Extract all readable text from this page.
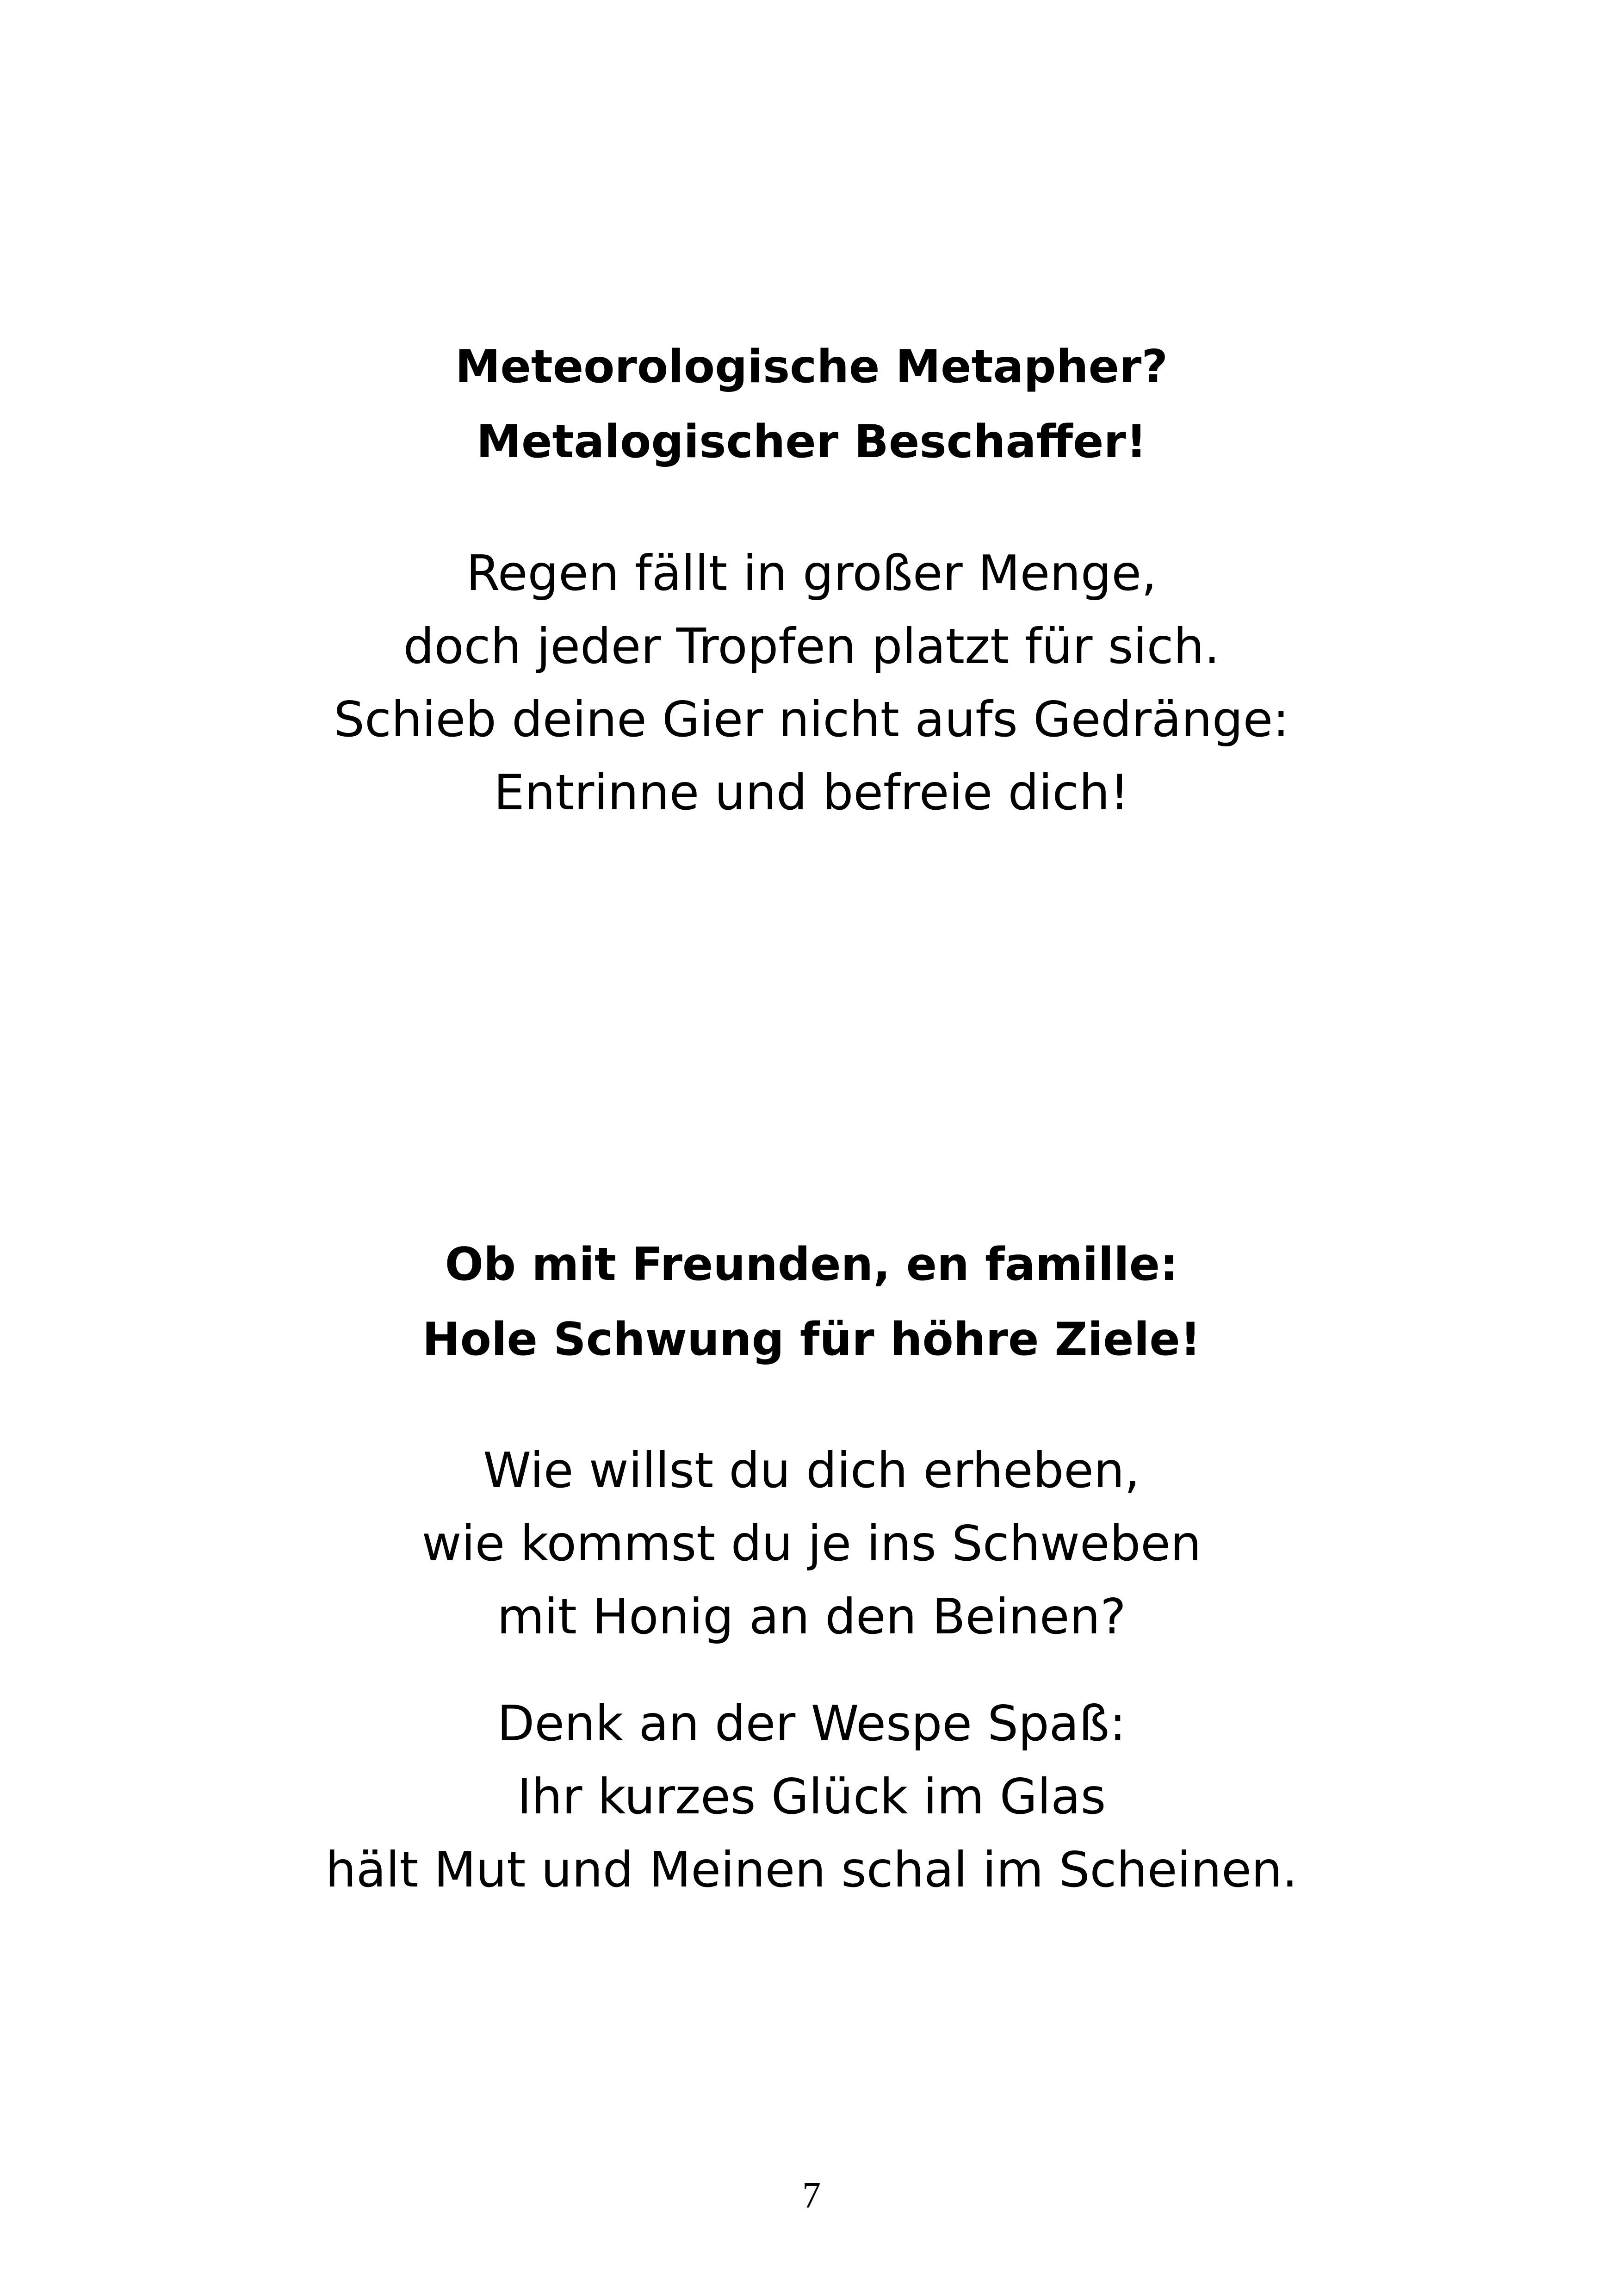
Meteorologische Metapher?
Metalogischer Beschaffer!
Regen fällt in großer Menge,
doch jeder Tropfen platzt für sich.
Schieb deine Gier nicht aufs Gedränge:
Entrinne und befreie dich!
Ob mit Freunden, en famille:
Hole Schwung für höhre Ziele!
Wie willst du dich erheben,
wie kommst du je ins Schweben
mit Honig an den Beinen?
Denk an der Wespe Spaß:
Ihr kurzes Glück im Glas
hält Mut und Meinen schal im Scheinen.
7
